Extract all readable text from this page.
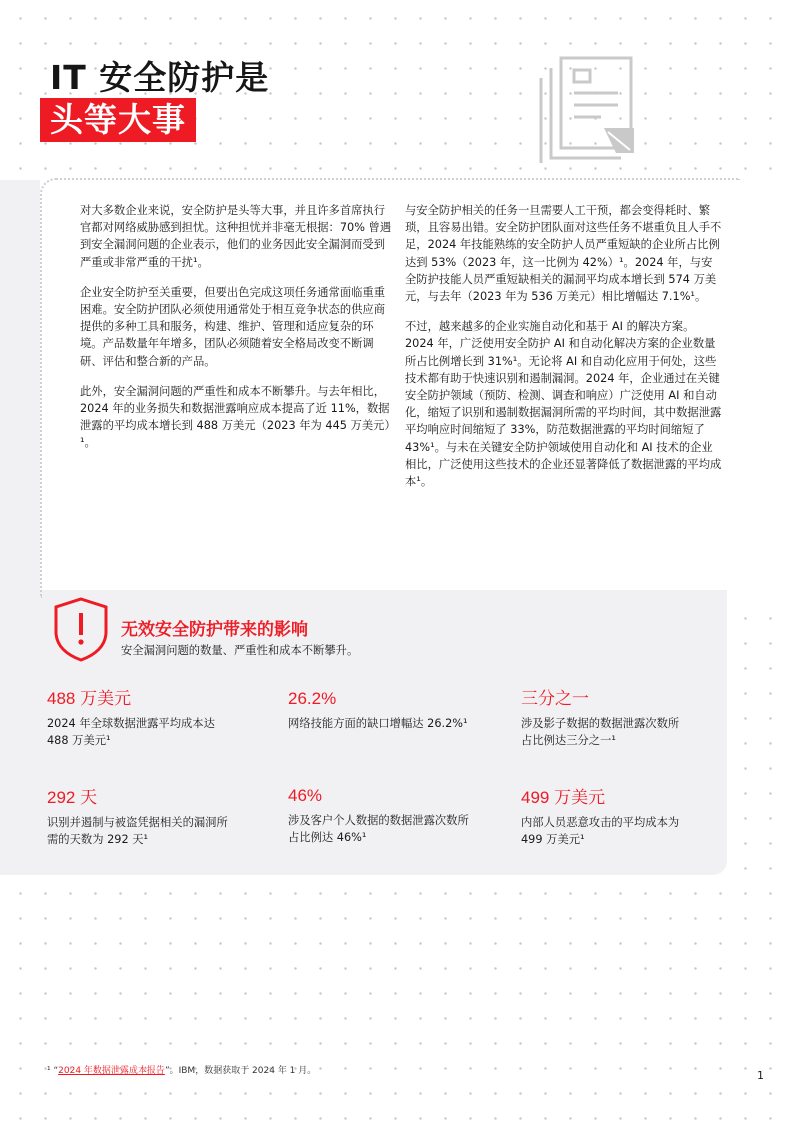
IT 安全防护是
头等大事

对大多数企业来说，安全防护是头等大事，并且许多首席执行官都对网络威胁感到担忧。这种担忧并非毫无根据：70% 曾遇到安全漏洞问题的企业表示，他们的业务因此安全漏洞而受到严重或非常严重的干扰¹。

企业安全防护至关重要，但要出色完成这项任务通常面临重重困难。安全防护团队必须使用通常处于相互竞争状态的供应商提供的多种工具和服务，构建、维护、管理和适应复杂的环境。产品数量年年增多，团队必须随着安全格局改变不断调研、评估和整合新的产品。

此外，安全漏洞问题的严重性和成本不断攀升。与去年相比，2024 年的业务损失和数据泄露响应成本提高了近 11%，数据泄露的平均成本增长到 488 万美元（2023 年为 445 万美元）¹。

与安全防护相关的任务一旦需要人工干预，都会变得耗时、繁琐，且容易出错。安全防护团队面对这些任务不堪重负且人手不足，2024 年技能熟练的安全防护人员严重短缺的企业所占比例达到 53%（2023 年，这一比例为 42%）¹。2024 年，与安全防护技能人员严重短缺相关的漏洞平均成本增长到 574 万美元，与去年（2023 年为 536 万美元）相比增幅达 7.1%¹。

不过，越来越多的企业实施自动化和基于 AI 的解决方案。2024 年，广泛使用安全防护 AI 和自动化解决方案的企业数量所占比例增长到 31%¹。无论将 AI 和自动化应用于何处，这些技术都有助于快速识别和遏制漏洞。2024 年，企业通过在关键安全防护领域（预防、检测、调查和响应）广泛使用 AI 和自动化，缩短了识别和遏制数据漏洞所需的平均时间，其中数据泄露平均响应时间缩短了 33%，防范数据泄露的平均时间缩短了 43%¹。与未在关键安全防护领域使用自动化和 AI 技术的企业相比，广泛使用这些技术的企业还显著降低了数据泄露的平均成本¹。

无效安全防护带来的影响
安全漏洞问题的数量、严重性和成本不断攀升。
488 万美元
2024 年全球数据泄露平均成本达 488 万美元¹
26.2%
网络技能方面的缺口增幅达 26.2%¹
三分之一
涉及影子数据的数据泄露次数所占比例达三分之一¹
292 天
识别并遏制与被盗凭据相关的漏洞所需的天数为 292 天¹
46%
涉及客户个人数据的数据泄露次数所占比例达 46%¹
499 万美元
内部人员恶意攻击的平均成本为 499 万美元¹
¹ “2024 年数据泄露成本报告”。IBM，数据获取于 2024 年 1 月。	1
